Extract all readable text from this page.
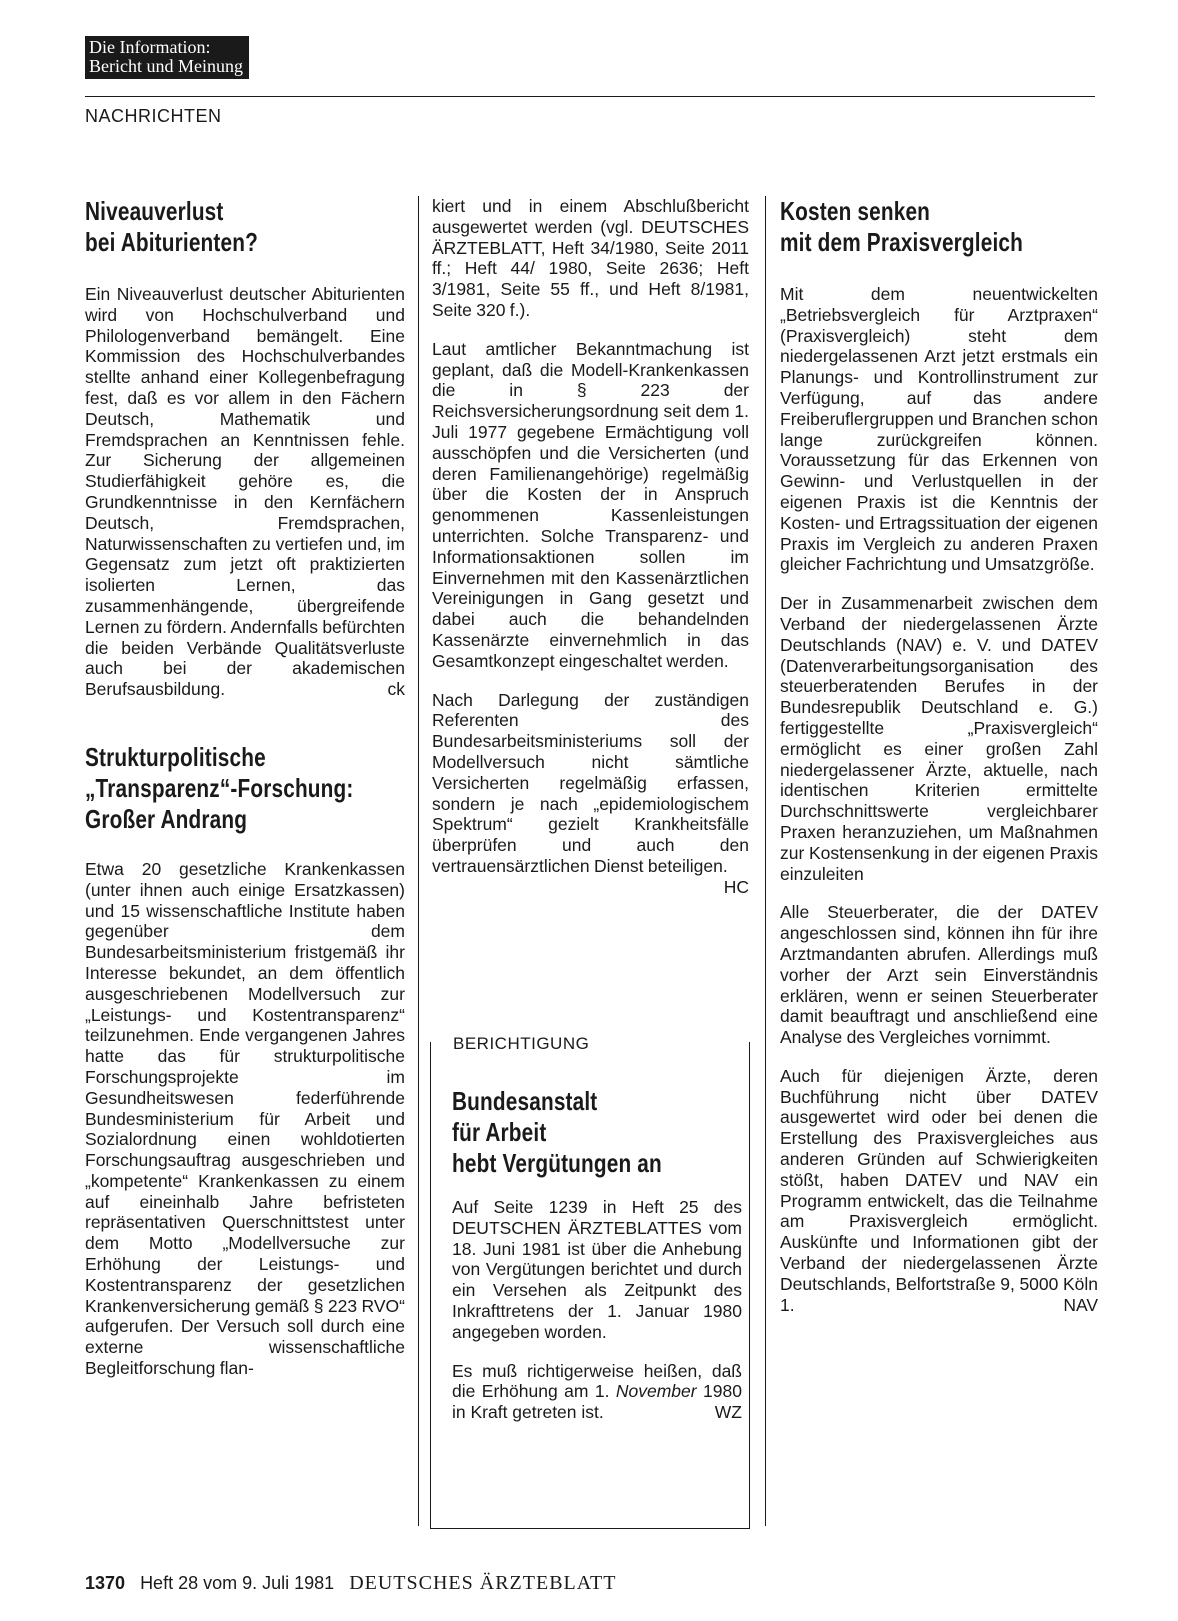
Die Information:
Bericht und Meinung
NACHRICHTEN
Niveauverlust
bei Abiturienten?

Ein Niveauverlust deutscher Abiturienten wird von Hochschulverband und Philologenverband bemängelt. Eine Kommission des Hochschulverbandes stellte anhand einer Kollegenbefragung fest, daß es vor allem in den Fächern Deutsch, Mathematik und Fremdsprachen an Kenntnissen fehle. Zur Sicherung der allgemeinen Studierfähigkeit gehöre es, die Grundkenntnisse in den Kernfächern Deutsch, Fremdsprachen, Naturwissenschaften zu vertiefen und, im Gegensatz zum jetzt oft praktizierten isolierten Lernen, das zusammenhängende, übergreifende Lernen zu fördern. Andernfalls befürchten die beiden Verbände Qualitätsverluste auch bei der akademischen Berufsausbildung.	ck

Strukturpolitische
„Transparenz“-Forschung:
Großer Andrang

Etwa 20 gesetzliche Krankenkassen (unter ihnen auch einige Ersatzkassen) und 15 wissenschaftliche Institute haben gegenüber dem Bundesarbeitsministerium fristgemäß ihr Interesse bekundet, an dem öffentlich ausgeschriebenen Modellversuch zur „Leistungs- und Kostentransparenz“ teilzunehmen. Ende vergangenen Jahres hatte das für strukturpolitische Forschungsprojekte im Gesundheitswesen federführende Bundesministerium für Arbeit und Sozialordnung einen wohldotierten Forschungsauftrag ausgeschrieben und „kompetente“ Krankenkassen zu einem auf eineinhalb Jahre befristeten repräsentativen Querschnittstest unter dem Motto „Modellversuche zur Erhöhung der Leistungs- und Kostentransparenz der gesetzlichen Krankenversicherung gemäß § 223 RVO“ aufgerufen. Der Versuch soll durch eine externe wissenschaftliche Begleitforschung flan-

kiert und in einem Abschlußbericht ausgewertet werden (vgl. DEUTSCHES ÄRZTEBLATT, Heft 34/1980, Seite 2011 ff.; Heft 44/ 1980, Seite 2636; Heft 3/1981, Seite 55 ff., und Heft 8/1981, Seite 320 f.).

Laut amtlicher Bekanntmachung ist geplant, daß die Modell-Krankenkassen die in § 223 der Reichsversicherungsordnung seit dem 1. Juli 1977 gegebene Ermächtigung voll ausschöpfen und die Versicherten (und deren Familienangehörige) regelmäßig über die Kosten der in Anspruch genommenen Kassenleistungen unterrichten. Solche Transparenz- und Informationsaktionen sollen im Einvernehmen mit den Kassenärztlichen Vereinigungen in Gang gesetzt und dabei auch die behandelnden Kassenärzte einvernehmlich in das Gesamtkonzept eingeschaltet werden.

Nach Darlegung der zuständigen Referenten des Bundesarbeitsministeriums soll der Modellversuch nicht sämtliche Versicherten regelmäßig erfassen, sondern je nach „epidemiologischem Spektrum“ gezielt Krankheitsfälle überprüfen und auch den vertrauensärztlichen Dienst beteiligen.
HC

BERICHTIGUNG
Bundesanstalt
für Arbeit
hebt Vergütungen an

Auf Seite 1239 in Heft 25 des DEUTSCHEN ÄRZTEBLATTES vom 18. Juni 1981 ist über die Anhebung von Vergütungen berichtet und durch ein Versehen als Zeitpunkt des Inkrafttretens der 1. Januar 1980 angegeben worden.

Es muß richtigerweise heißen, daß die Erhöhung am 1. November 1980 in Kraft getreten ist.	WZ

Kosten senken
mit dem Praxisvergleich

Mit dem neuentwickelten „Betriebsvergleich für Arztpraxen“ (Praxisvergleich) steht dem niedergelassenen Arzt jetzt erstmals ein Planungs- und Kontrollinstrument zur Verfügung, auf das andere Freiberuflergruppen und Branchen schon lange zurückgreifen können. Voraussetzung für das Erkennen von Gewinn- und Verlustquellen in der eigenen Praxis ist die Kenntnis der Kosten- und Ertragssituation der eigenen Praxis im Vergleich zu anderen Praxen gleicher Fachrichtung und Umsatzgröße.

Der in Zusammenarbeit zwischen dem Verband der niedergelassenen Ärzte Deutschlands (NAV) e. V. und DATEV (Datenverarbeitungsorganisation des steuerberatenden Berufes in der Bundesrepublik Deutschland e. G.) fertiggestellte „Praxisvergleich“ ermöglicht es einer großen Zahl niedergelassener Ärzte, aktuelle, nach identischen Kriterien ermittelte Durchschnittswerte vergleichbarer Praxen heranzuziehen, um Maßnahmen zur Kostensenkung in der eigenen Praxis einzuleiten

Alle Steuerberater, die der DATEV angeschlossen sind, können ihn für ihre Arztmandanten abrufen. Allerdings muß vorher der Arzt sein Einverständnis erklären, wenn er seinen Steuerberater damit beauftragt und anschließend eine Analyse des Vergleiches vornimmt.

Auch für diejenigen Ärzte, deren Buchführung nicht über DATEV ausgewertet wird oder bei denen die Erstellung des Praxisvergleiches aus anderen Gründen auf Schwierigkeiten stößt, haben DATEV und NAV ein Programm entwickelt, das die Teilnahme am Praxisvergleich ermöglicht. Auskünfte und Informationen gibt der Verband der niedergelassenen Ärzte Deutschlands, Belfortstraße 9, 5000 Köln 1.	NAV

1370 Heft 28 vom 9. Juli 1981 DEUTSCHES ÄRZTEBLATT
